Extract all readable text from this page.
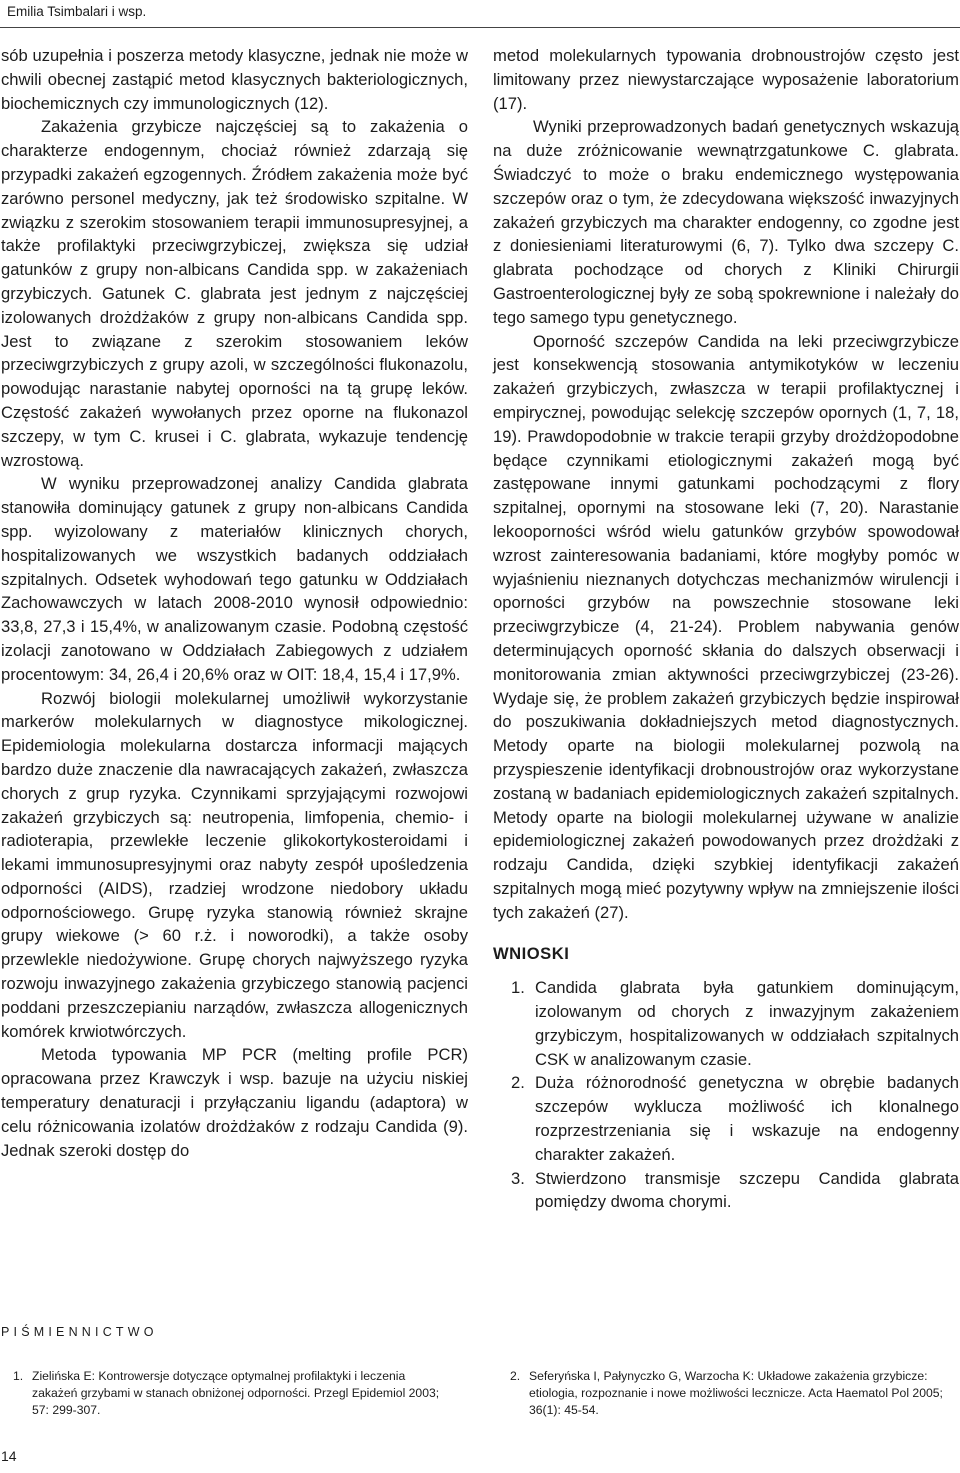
Emilia Tsimbalari i wsp.

sób uzupełnia i poszerza metody klasyczne, jednak nie może w chwili obecnej zastąpić metod klasycznych bakteriologicznych, biochemicznych czy immunologicznych (12).

Zakażenia grzybicze najczęściej są to zakażenia o charakterze endogennym, chociaż również zdarzają się przypadki zakażeń egzogennych. Źródłem zakażenia może być zarówno personel medyczny, jak też środowisko szpitalne. W związku z szerokim stosowaniem terapii immunosupresyjnej, a także profilaktyki przeciwgrzybiczej, zwiększa się udział gatunków z grupy non-albicans Candida spp. w zakażeniach grzybiczych. Gatunek C. glabrata jest jednym z najczęściej izolowanych drożdżaków z grupy non-albicans Candida spp. Jest to związane z szerokim stosowaniem leków przeciwgrzybiczych z grupy azoli, w szczególności flukonazolu, powodując narastanie nabytej oporności na tą grupę leków. Częstość zakażeń wywołanych przez oporne na flukonazol szczepy, w tym C. krusei i C. glabrata, wykazuje tendencję wzrostową.

W wyniku przeprowadzonej analizy Candida glabrata stanowiła dominujący gatunek z grupy non-albicans Candida spp. wyizolowany z materiałów klinicznych chorych, hospitalizowanych we wszystkich badanych oddziałach szpitalnych. Odsetek wyhodowań tego gatunku w Oddziałach Zachowawczych w latach 2008-2010 wynosił odpowiednio: 33,8, 27,3 i 15,4%, w analizowanym czasie. Podobną częstość izolacji zanotowano w Oddziałach Zabiegowych z udziałem procentowym: 34, 26,4 i 20,6% oraz w OIT: 18,4, 15,4 i 17,9%.

Rozwój biologii molekularnej umożliwił wykorzystanie markerów molekularnych w diagnostyce mikologicznej. Epidemiologia molekularna dostarcza informacji mających bardzo duże znaczenie dla nawracających zakażeń, zwłaszcza chorych z grup ryzyka. Czynnikami sprzyjającymi rozwojowi zakażeń grzybiczych są: neutropenia, limfopenia, chemio- i radioterapia, przewlekłe leczenie glikokortykosteroidami i lekami immunosupresyjnymi oraz nabyty zespół upośledzenia odporności (AIDS), rzadziej wrodzone niedobory układu odpornościowego. Grupę ryzyka stanowią również skrajne grupy wiekowe (> 60 r.ż. i noworodki), a także osoby przewlekle niedożywione. Grupę chorych najwyższego ryzyka rozwoju inwazyjnego zakażenia grzybiczego stanowią pacjenci poddani przeszczepianiu narządów, zwłaszcza allogenicznych komórek krwiotwórczych.

Metoda typowania MP PCR (melting profile PCR) opracowana przez Krawczyk i wsp. bazuje na użyciu niskiej temperatury denaturacji i przyłączaniu ligandu (adaptora) w celu różnicowania izolatów drożdżaków z rodzaju Candida (9). Jednak szeroki dostęp do

metod molekularnych typowania drobnoustrojów często jest limitowany przez niewystarczające wyposażenie laboratorium (17).

Wyniki przeprowadzonych badań genetycznych wskazują na duże zróżnicowanie wewnątrzgatunkowe C. glabrata. Świadczyć to może o braku endemicznego występowania szczepów oraz o tym, że zdecydowana większość inwazyjnych zakażeń grzybiczych ma charakter endogenny, co zgodne jest z doniesieniami literaturowymi (6, 7). Tylko dwa szczepy C. glabrata pochodzące od chorych z Kliniki Chirurgii Gastroenterologicznej były ze sobą spokrewnione i należały do tego samego typu genetycznego.

Oporność szczepów Candida na leki przeciwgrzybicze jest konsekwencją stosowania antymikotyków w leczeniu zakażeń grzybiczych, zwłaszcza w terapii profilaktycznej i empirycznej, powodując selekcję szczepów opornych (1, 7, 18, 19). Prawdopodobnie w trakcie terapii grzyby drożdżopodobne będące czynnikami etiologicznymi zakażeń mogą być zastępowane innymi gatunkami pochodzącymi z flory szpitalnej, opornymi na stosowane leki (7, 20). Narastanie lekooporności wśród wielu gatunków grzybów spowodował wzrost zainteresowania badaniami, które mogłyby pomóc w wyjaśnieniu nieznanych dotychczas mechanizmów wirulencji i oporności grzybów na powszechnie stosowane leki przeciwgrzybicze (4, 21-24). Problem nabywania genów determinujących oporność skłania do dalszych obserwacji i monitorowania zmian aktywności przeciwgrzybiczej (23-26). Wydaje się, że problem zakażeń grzybiczych będzie inspirował do poszukiwania dokładniejszych metod diagnostycznych. Metody oparte na biologii molekularnej pozwolą na przyspieszenie identyfikacji drobnoustrojów oraz wykorzystane zostaną w badaniach epidemiologicznych zakażeń szpitalnych. Metody oparte na biologii molekularnej używane w analizie epidemiologicznej zakażeń powodowanych przez drożdżaki z rodzaju Candida, dzięki szybkiej identyfikacji zakażeń szpitalnych mogą mieć pozytywny wpływ na zmniejszenie ilości tych zakażeń (27).

WNIOSKI
1. Candida glabrata była gatunkiem dominującym, izolowanym od chorych z inwazyjnym zakażeniem grzybiczym, hospitalizowanych w oddziałach szpitalnych CSK w analizowanym czasie.
2. Duża różnorodność genetyczna w obrębie badanych szczepów wyklucza możliwość ich klonalnego rozprzestrzeniania się i wskazuje na endogenny charakter zakażeń.
3. Stwierdzono transmisje szczepu Candida glabrata pomiędzy dwoma chorymi.
PIŚMIENNICTWO
1. Zielińska E: Kontrowersje dotyczące optymalnej profilaktyki i leczenia zakażeń grzybami w stanach obniżonej odporności. Przegl Epidemiol 2003; 57: 299-307.
2. Seferyńska I, Pałynyczko G, Warzocha K: Układowe zakażenia grzybicze: etiologia, rozpoznanie i nowe możliwości lecznicze. Acta Haematol Pol 2005; 36(1): 45-54.
14
